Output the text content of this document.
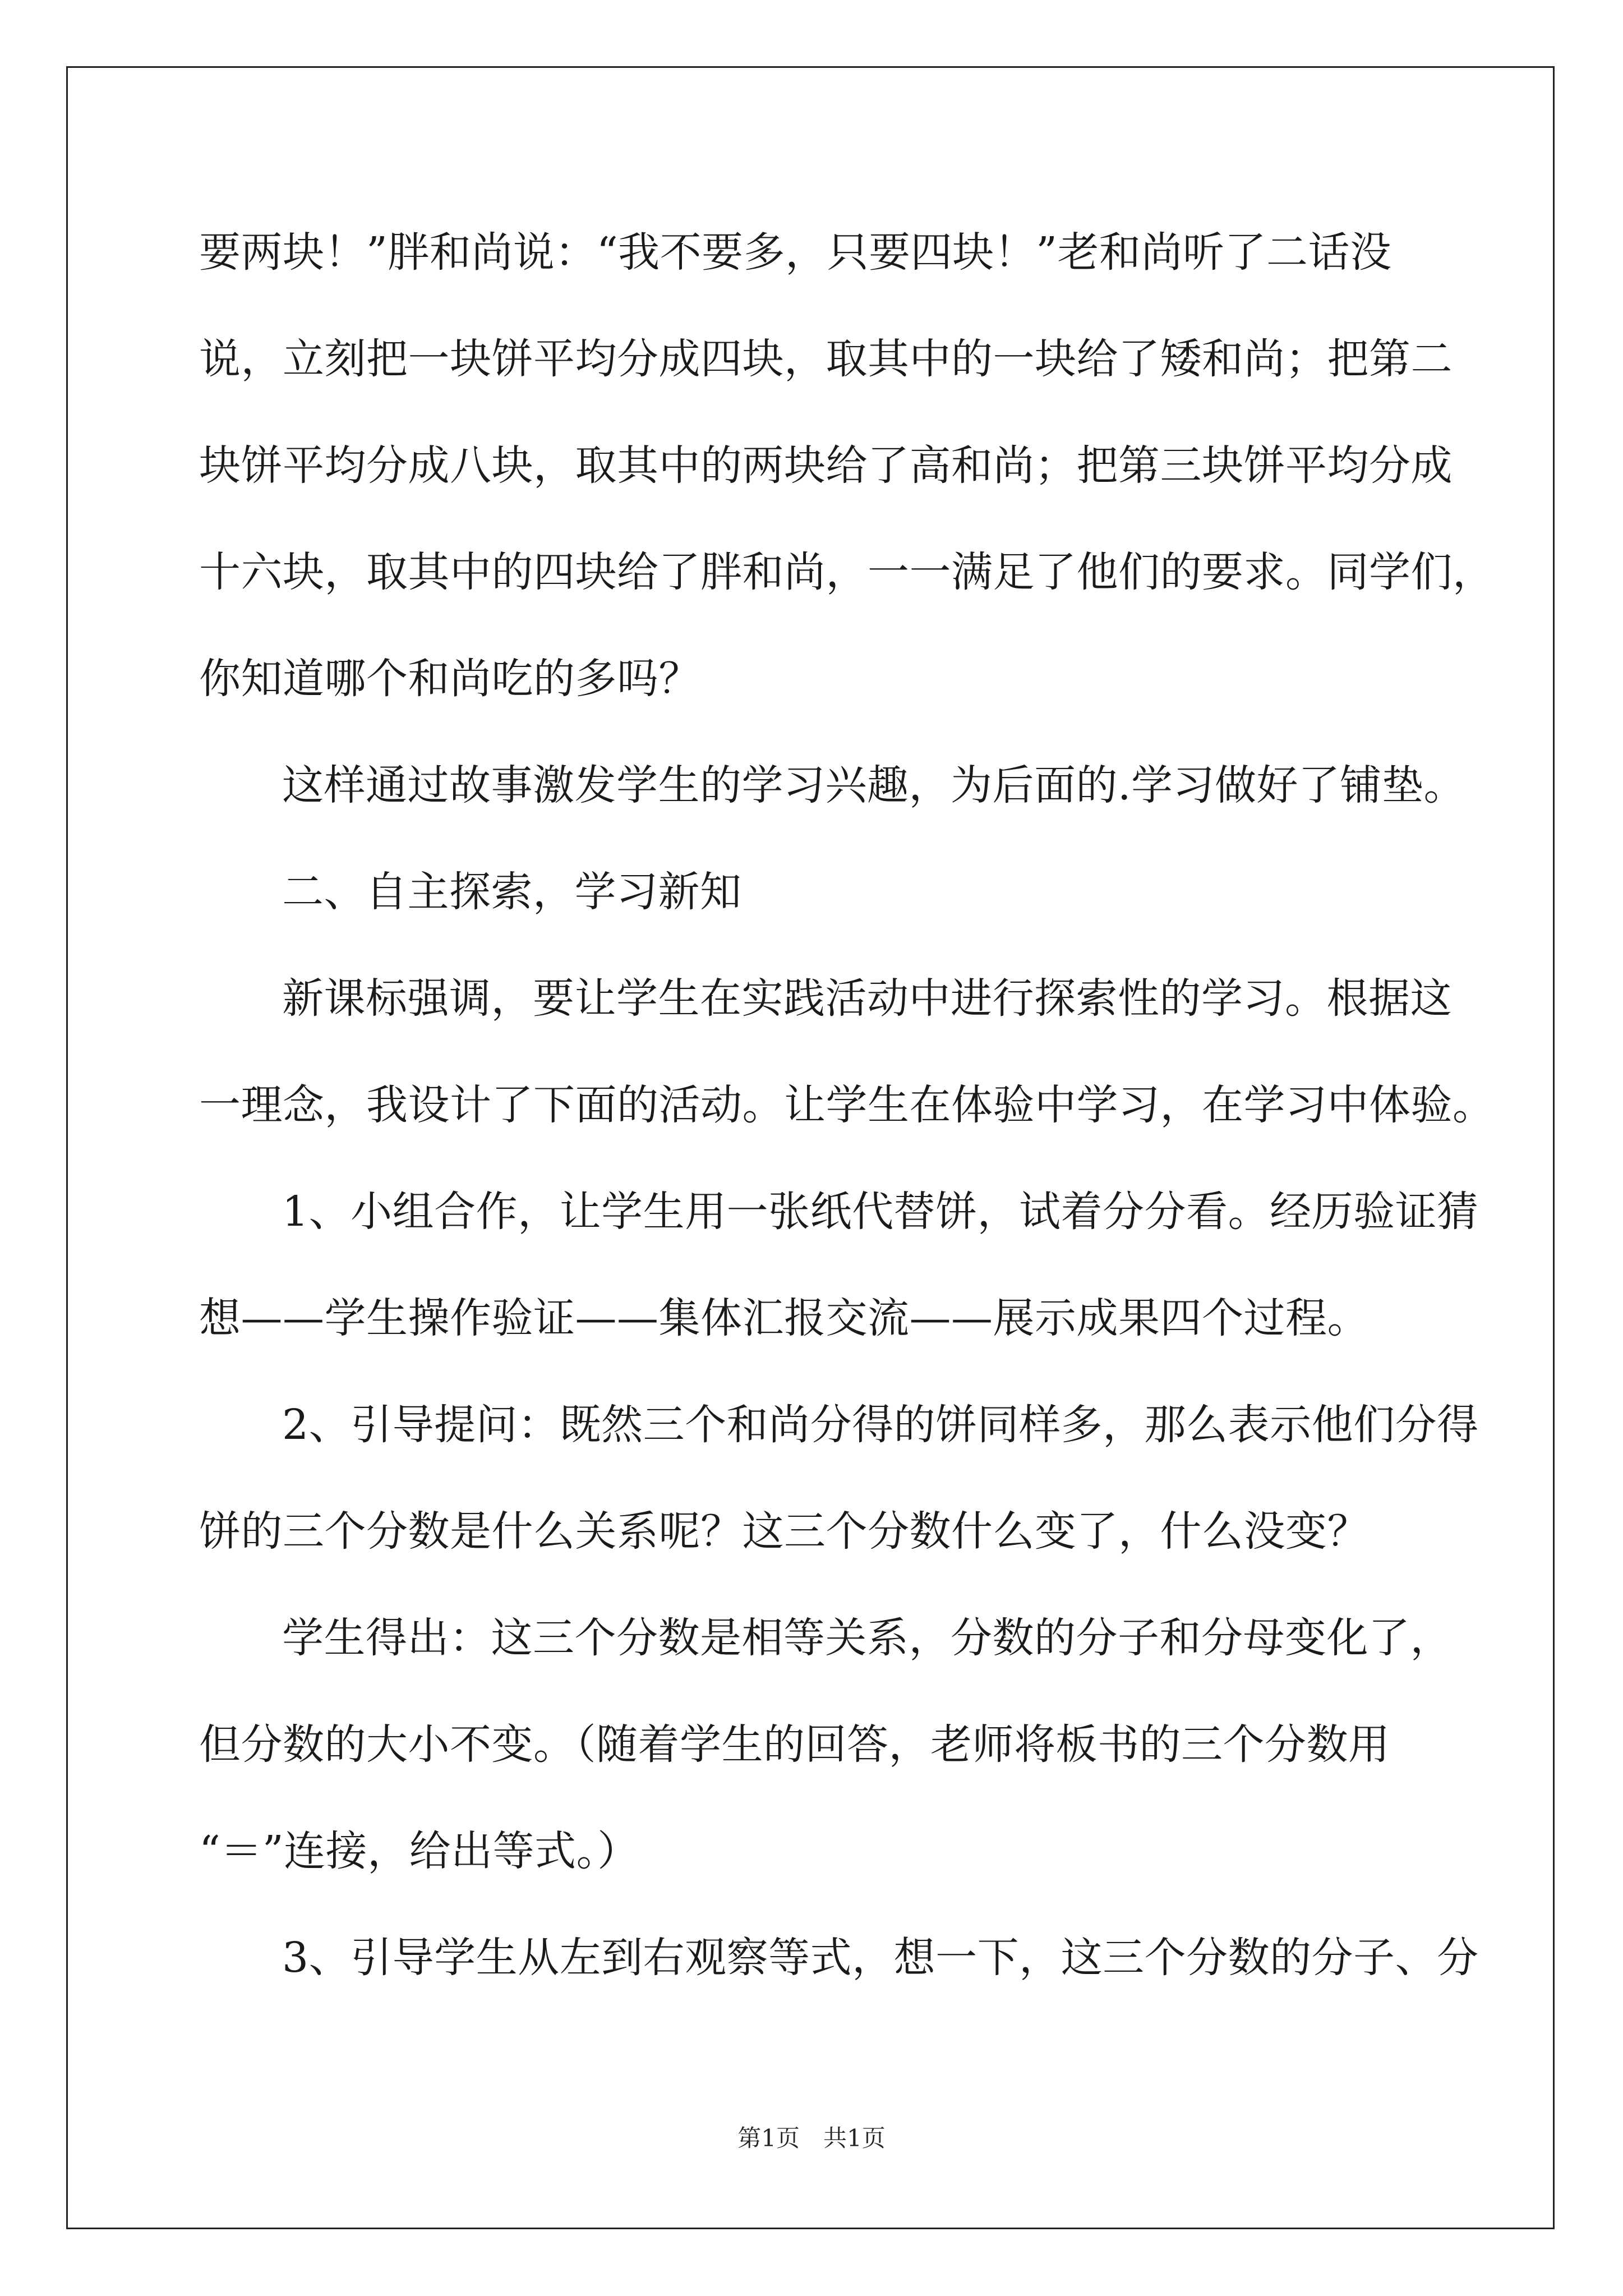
要两块！”胖和尚说：“我不要多，只要四块！”老和尚听了二话没
说，立刻把一块饼平均分成四块，取其中的一块给了矮和尚；把第二
块饼平均分成八块，取其中的两块给了高和尚；把第三块饼平均分成
十六块，取其中的四块给了胖和尚，一一满足了他们的要求。同学们，
你知道哪个和尚吃的多吗？
这样通过故事激发学生的学习兴趣，为后面的.学习做好了铺垫。
二、自主探索，学习新知
新课标强调，要让学生在实践活动中进行探索性的学习。根据这
一理念，我设计了下面的活动。让学生在体验中学习，在学习中体验。
1、小组合作，让学生用一张纸代替饼，试着分分看。经历验证猜
想——学生操作验证——集体汇报交流——展示成果四个过程。
2、引导提问：既然三个和尚分得的饼同样多，那么表示他们分得
饼的三个分数是什么关系呢？这三个分数什么变了，什么没变？
学生得出：这三个分数是相等关系，分数的分子和分母变化了，
但分数的大小不变。（随着学生的回答，老师将板书的三个分数用
“＝”连接，给出等式。）
3、引导学生从左到右观察等式，想一下，这三个分数的分子、分
第1页　共1页
